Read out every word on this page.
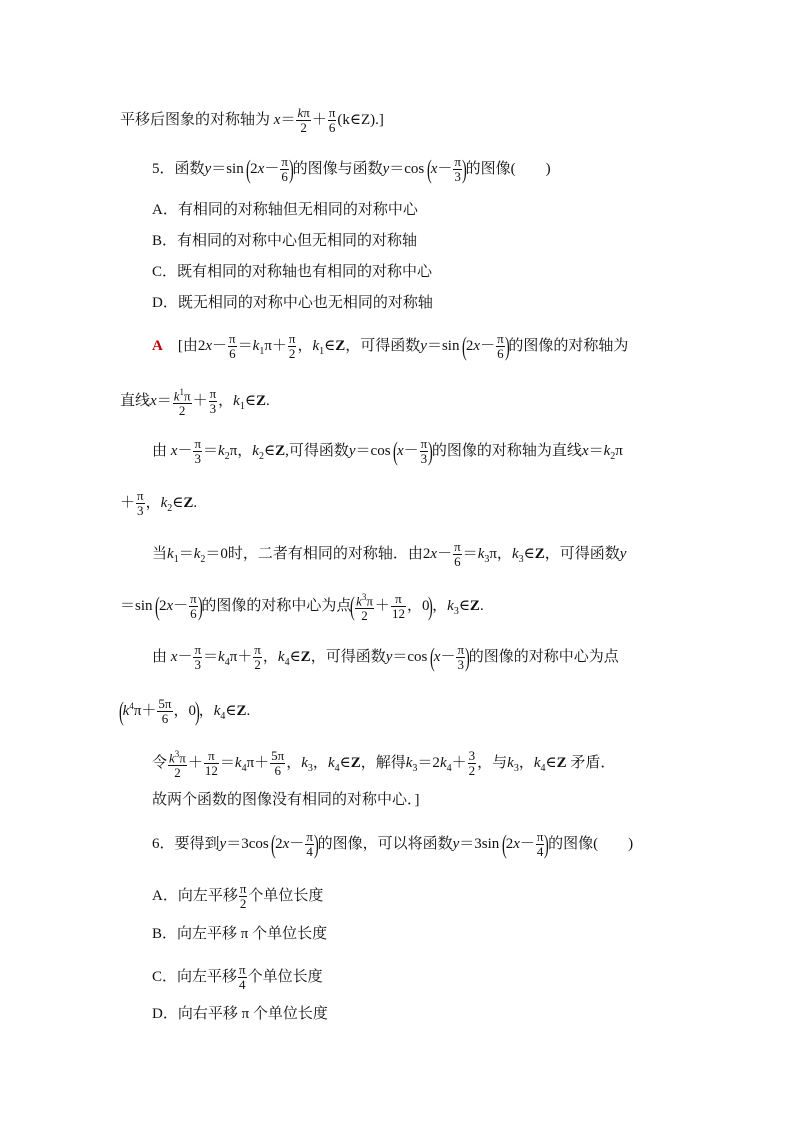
平移后图象的对称轴为 $x= \frac{k\pi}{2} + \frac{\pi}{6}$ (k∈Z).]
5．函数y＝sin ($2x- \frac{\pi}{6}$ )的图像与函数y＝cos ($x- \frac{\pi}{3}$ )的图像(　　)
A．有相同的对称轴但无相同的对称中心
B．有相同的对称中心但无相同的对称轴
C．既有相同的对称轴也有相同的对称中心
D．既无相同的对称中心也无相同的对称轴
A　 [由$2x- \frac{\pi}{6} =k_1\pi+ \frac{\pi}{2}$ ，$k_1\in Z$，可得函数y＝sin ($2x- \frac{\pi}{6}$ )的图像的对称轴为
直线$x= \frac{k^1\pi}{2} + \frac{\pi}{3}$ ，$k_1\in Z$.
由 $x- \frac{\pi}{3} =k_2\pi$，$k_2\in Z$,可得函数y＝cos ($x- \frac{\pi}{3}$ )的图像的对称轴为直线$x=k_2\pi$
＋ $\frac{\pi}{3}$ ，$k_2\in Z$.
当$k_1=k_2=0$时，二者有相同的对称轴．由$2x- \frac{\pi}{6} =k_3\pi$，$k_3\in Z$，可得函数y
＝sin ($2x- \frac{\pi}{6}$ )的图像的对称中心为点( $\frac{k^3\pi}{2} + \frac{\pi}{12}$ ，0)，$k_3\in Z$.
由 $x- \frac{\pi}{3} =k_4\pi+ \frac{\pi}{2}$ ，$k_4\in Z$，可得函数y＝cos ($x- \frac{\pi}{3}$ )的图像的对称中心为点
($k^4\pi+ \frac{5\pi}{6}$ ，0)，$k_4\in Z$.
令 $\frac{k^3\pi}{2} + \frac{\pi}{12} =k_4\pi+ \frac{5\pi}{6}$ ，$k_3$，$k_4\in Z$，解得$k_3=2k_4+ \frac{3}{2}$ ，与$k_3$，$k_4\in Z$ 矛盾．
故两个函数的图像没有相同的对称中心．]
6．要得到y＝3cos ($2x- \frac{\pi}{4}$ )的图像，可以将函数y＝3sin ($2x- \frac{\pi}{4}$ )的图像(　　)
A．向左平移 $\frac{\pi}{2}$ 个单位长度
B．向左平移 π 个单位长度
C．向左平移 $\frac{\pi}{4}$ 个单位长度
D．向右平移 π 个单位长度
